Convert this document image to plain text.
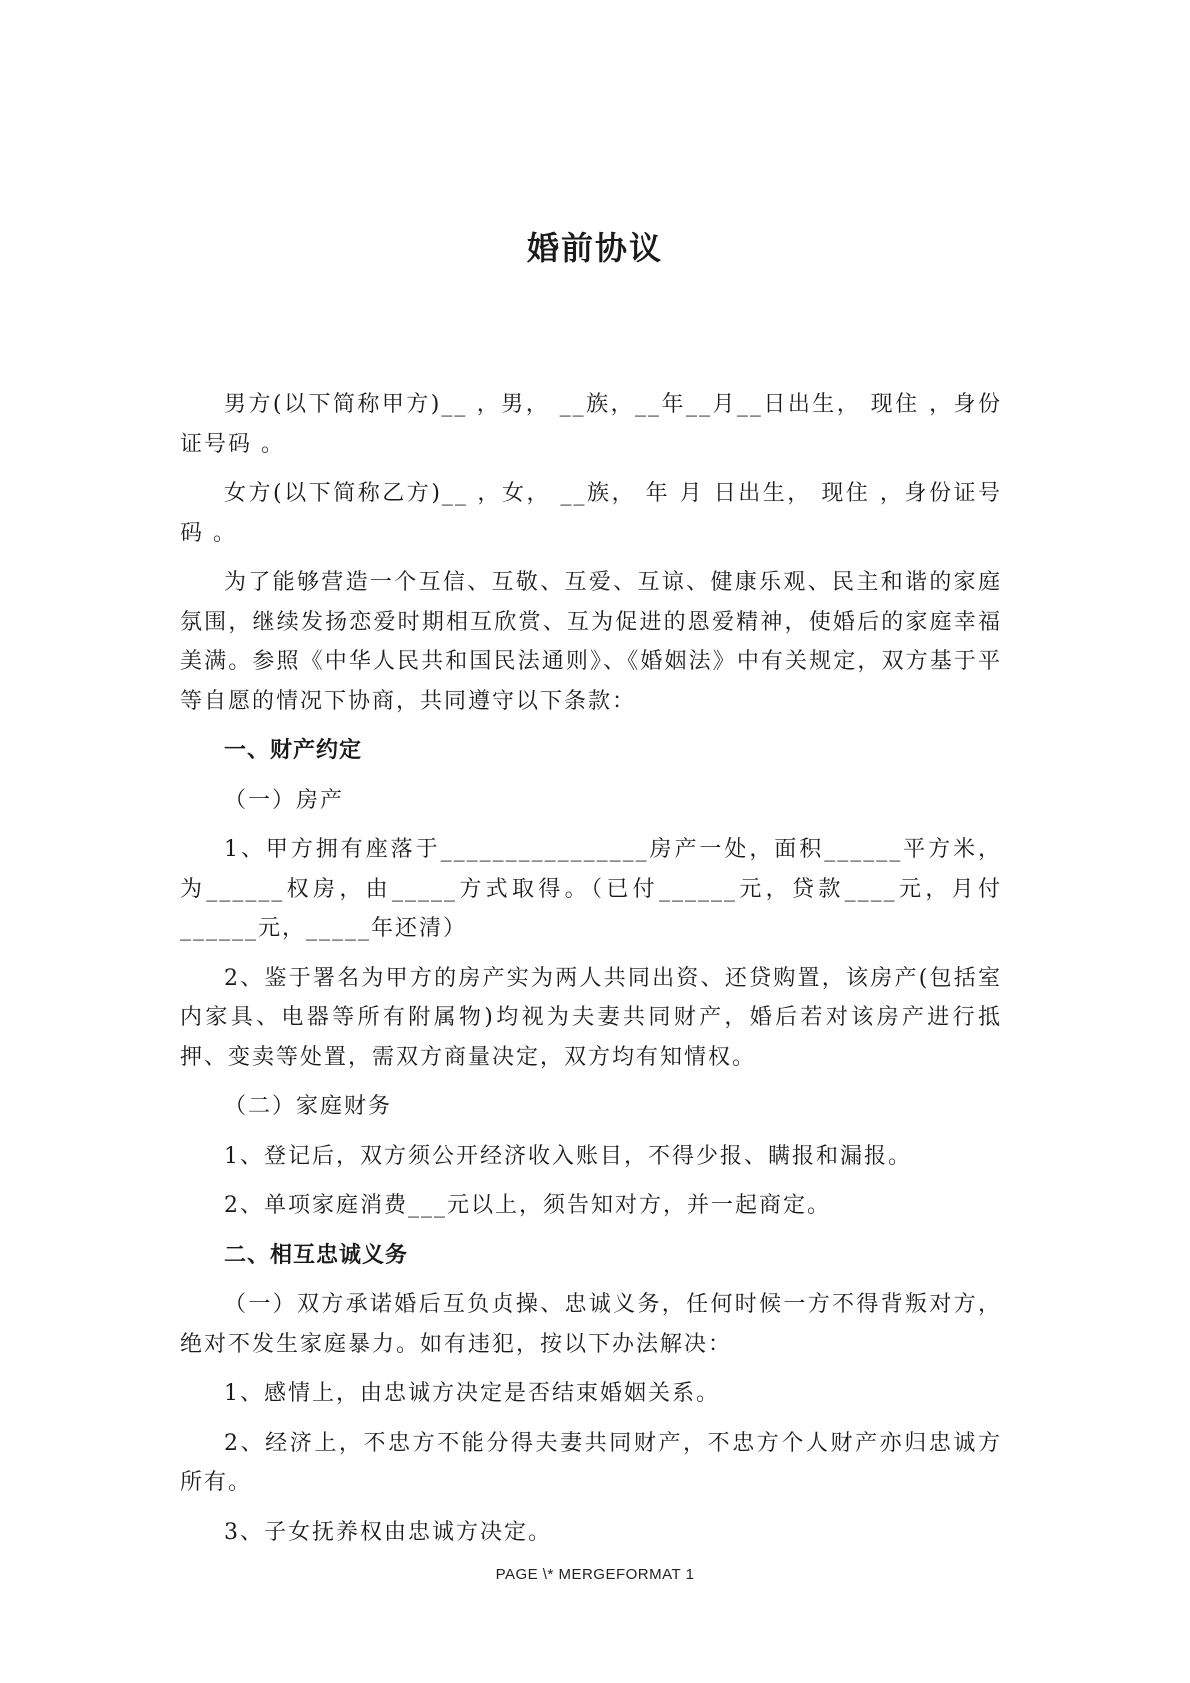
婚前协议

男方(以下简称甲方)__ ，男， __族，__年__月__日出生， 现住 ，身份证号码 。

女方(以下简称乙方)__ ，女， __族， 年 月 日出生， 现住 ，身份证号码 。

为了能够营造一个互信、互敬、互爱、互谅、健康乐观、民主和谐的家庭氛围，继续发扬恋爱时期相互欣赏、互为促进的恩爱精神，使婚后的家庭幸福美满。参照《中华人民共和国民法通则》、《婚姻法》中有关规定，双方基于平等自愿的情况下协商，共同遵守以下条款：

一、财产约定

（一）房产

1、甲方拥有座落于________________房产一处，面积______平方米，为______权房，由_____方式取得。（已付______元，贷款____元，月付______元，_____年还清）

2、鉴于署名为甲方的房产实为两人共同出资、还贷购置，该房产(包括室内家具、电器等所有附属物)均视为夫妻共同财产，婚后若对该房产进行抵押、变卖等处置，需双方商量决定，双方均有知情权。

（二）家庭财务

1、登记后，双方须公开经济收入账目，不得少报、瞒报和漏报。

2、单项家庭消费___元以上，须告知对方，并一起商定。

二、相互忠诚义务

（一）双方承诺婚后互负贞操、忠诚义务，任何时候一方不得背叛对方，绝对不发生家庭暴力。如有违犯，按以下办法解决：

1、感情上，由忠诚方决定是否结束婚姻关系。

2、经济上，不忠方不能分得夫妻共同财产，不忠方个人财产亦归忠诚方所有。

3、子女抚养权由忠诚方决定。

PAGE \* MERGEFORMAT 1
